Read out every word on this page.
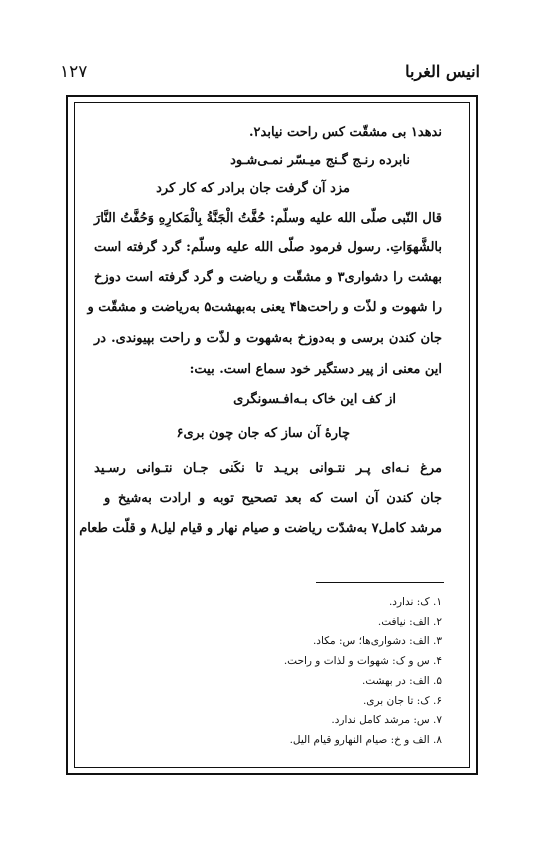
۱۲۷	انیس الغربا
ندهد۱ بی مشقّت کس راحت نیابد۲.
نابرده رنـج گـنج میـسّر نمـی‌شـود
مزد آن گرفت جان برادر که کار کرد
قال النّبی صلّی الله علیه وسلّم: حُفَّتُ الْجَنَّةُ بِالْمَکارِهِ وَحُفَّتُ النَّارَ
بالشَّهوَاتِ. رسول فرمود صلّی الله علیه وسلّم: گرد گرفته است
بهشت را دشواری۳ و مشقّت و ریاضت و گرد گرفته است دوزخ
را شهوت و لذّت و راحت‌ها۴ یعنی به‌بهشت۵ به‌ریاضت و مشقّت و
جان کندن برسی و به‌دوزخ به‌شهوت و لذّت و راحت بپیوندی. در
این معنی از پیر دستگیر خود سماع است. بیت:
از کف این خاک بـه‌افـسونگری
چارهٔ آن ساز که جان چون بری۶
مرغ نـه‌ای پـر نتـوانی بریـد تا نکَنی جـان نتـوانی رسـید
جان کندن آن است که بعد تصحیح توبه و ارادت به‌شیخ و
مرشد کامل۷ به‌شدّت ریاضت و صیام نهار و قیام لیل۸ و قلّت طعام
۱. ک: ندارد.
۲. الف: نیافت.
۳. الف: دشواری‌ها؛ س: مکاد.
۴. س و ک: شهوات و لذات و راحت.
۵. الف: در بهشت.
۶. ک: تا جان بری.
۷. س: مرشد کامل ندارد.
۸. الف و خ: صیام النهارو قیام الیل.
